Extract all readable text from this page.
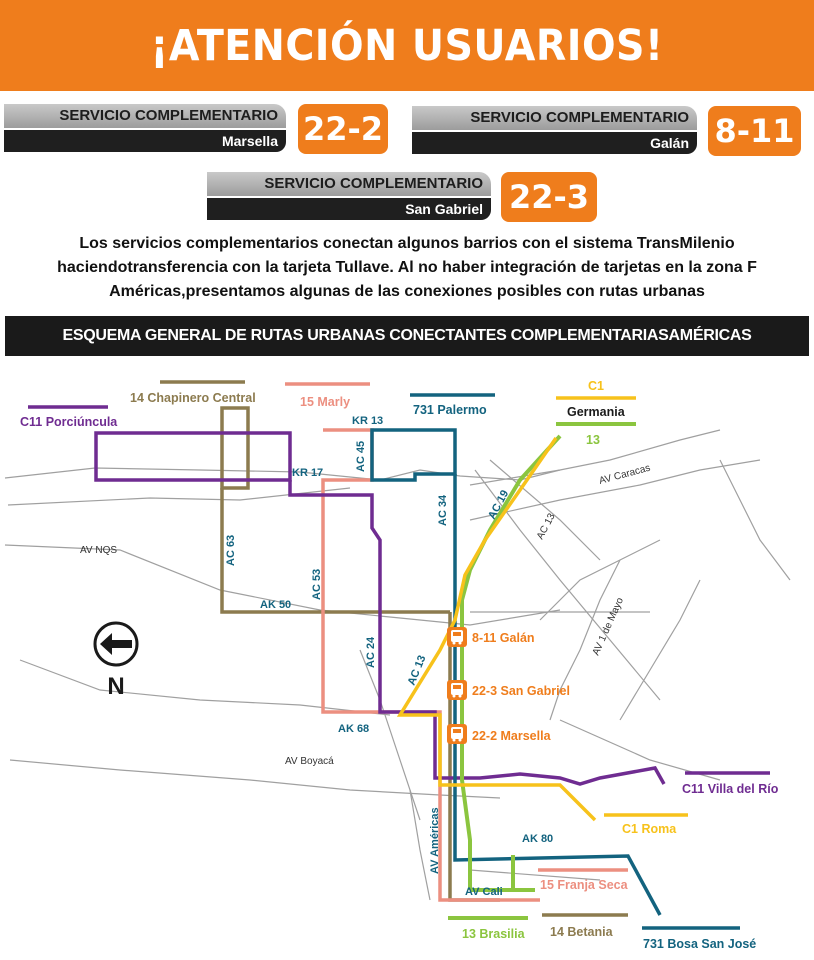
¡ATENCIÓN USUARIOS!
SERVICIO COMPLEMENTARIO
Marsella 22-2	SERVICIO COMPLEMENTARIO
Galán 8-11
SERVICIO COMPLEMENTARIO
San Gabriel 22-3
Los servicios complementarios conectan algunos barrios con el sistema TransMilenio
haciendotransferencia con la tarjeta Tullave. Al no haber integración de tarjetas en la zona F
Américas,presentamos algunas de las conexiones posibles con rutas urbanas
ESQUEMA GENERAL DE RUTAS URBANAS CONECTANTES COMPLEMENTARIASAMÉRICAS
KR 13
KR 17
AC 45
AC 34	AC 19
AV Caracas
AC 13
AV NQS	AC 63
AC 53
AK 50
AC 24
AC 13
AV 1 de Mayo
AK 68
AV Boyacá
AV Américas	AK 80
AV Cali
C11 Porciúncula
14 Chapinero Central	15 Marly
731 Palermo
C1
Germania
13
C11 Villa del Río
C1 Roma
15 Franja Seca
13 Brasilia 14 Betania
731 Bosa San José
8-11 Galán
22-3 San Gabriel
22-2 Marsella
N
